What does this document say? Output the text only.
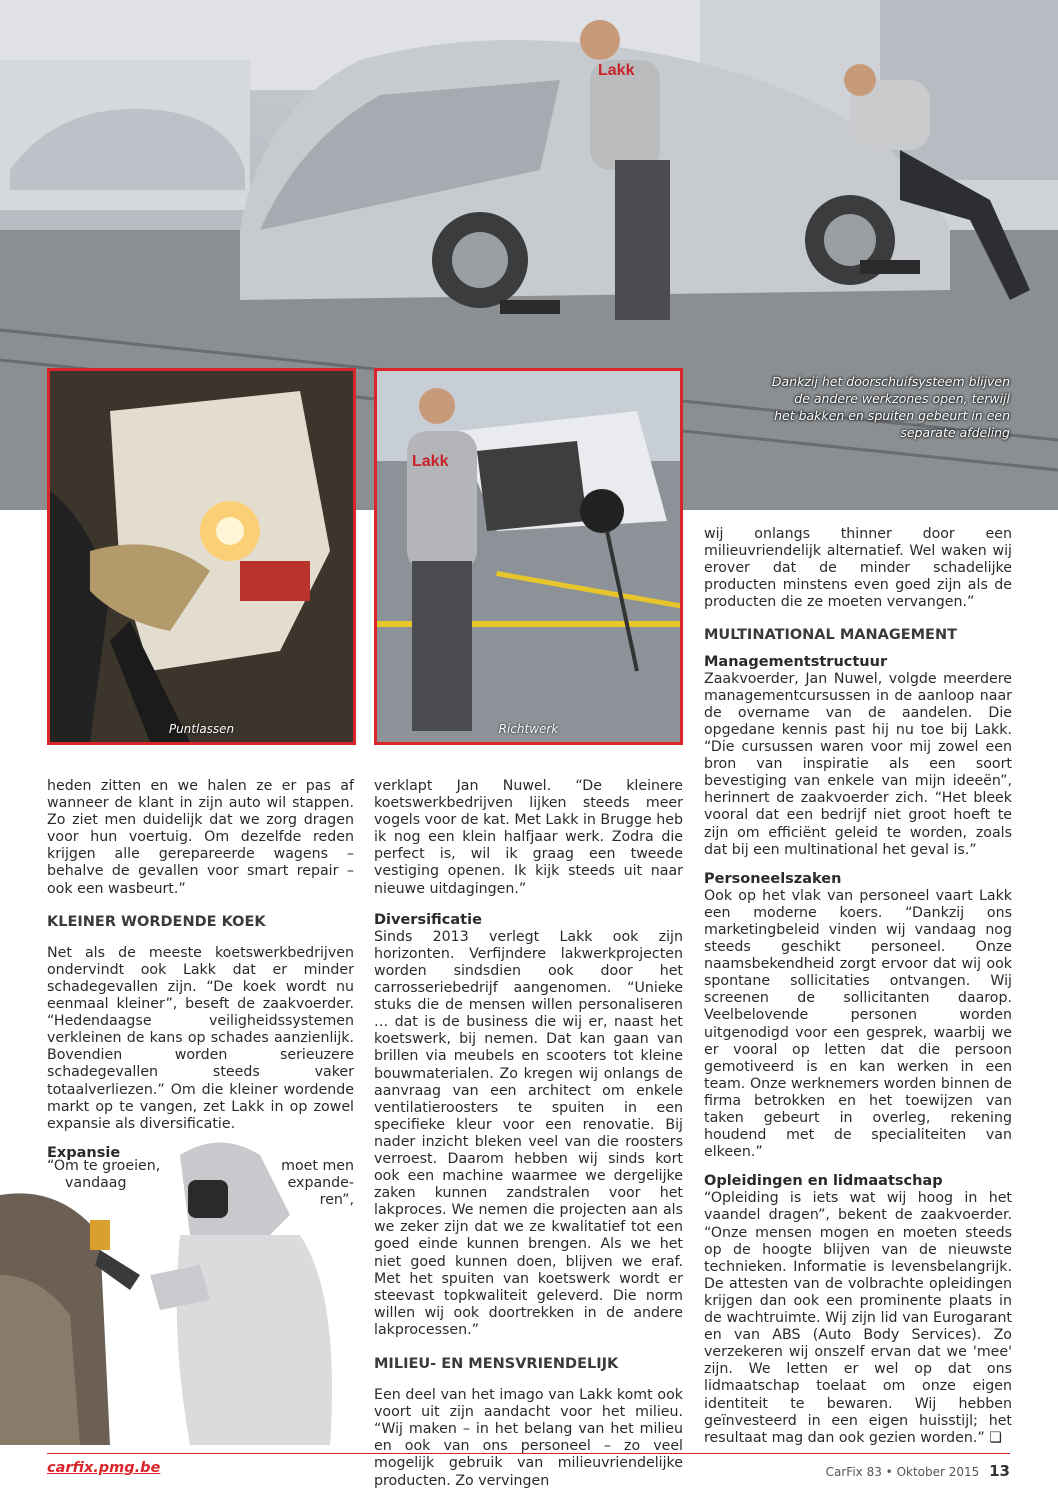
Lakk
Dankzij het doorschuifsysteem blijven de andere werkzones open, terwijl het bakken en spuiten gebeurt in een separate afdeling
Puntlassen
Lakk
Richtwerk

heden zitten en we halen ze er pas af wanneer de klant in zijn auto wil stappen. Zo ziet men duidelijk dat we zorg dragen voor hun voertuig. Om dezelfde reden krijgen alle gerepareerde wagens – behalve de gevallen voor smart repair – ook een wasbeurt.”

KLEINER WORDENDE KOEK

Net als de meeste koetswerkbedrijven ondervindt ook Lakk dat er minder schadegevallen zijn. “De koek wordt nu eenmaal kleiner”, beseft de zaakvoerder. “Hedendaagse veiligheidssystemen verkleinen de kans op schades aanzienlijk. Bovendien worden serieuzere schadegevallen steeds vaker totaalverliezen.” Om die kleiner wordende markt op te vangen, zet Lakk in op zowel expansie als diversificatie.

Expansie

“Om te groeien,	moet men

vandaag	expande-

ren”,

verklapt Jan Nuwel. “De kleinere koetswerkbedrijven lijken steeds meer vogels voor de kat. Met Lakk in Brugge heb ik nog een klein halfjaar werk. Zodra die perfect is, wil ik graag een tweede vestiging openen. Ik kijk steeds uit naar nieuwe uitdagingen.”

Diversificatie

Sinds 2013 verlegt Lakk ook zijn horizonten. Verfijndere lakwerkprojecten worden sindsdien ook door het carrosseriebedrijf aangenomen. “Unieke stuks die de mensen willen personaliseren … dat is de business die wij er, naast het koetswerk, bij nemen. Dat kan gaan van brillen via meubels en scooters tot kleine bouwmaterialen. Zo kregen wij onlangs de aanvraag van een architect om enkele ventilatieroosters te spuiten in een specifieke kleur voor een renovatie. Bij nader inzicht bleken veel van die roosters verroest. Daarom hebben wij sinds kort ook een machine waarmee we dergelijke zaken kunnen zandstralen voor het lakproces. We nemen die projecten aan als we zeker zijn dat we ze kwalitatief tot een goed einde kunnen brengen. Als we het niet goed kunnen doen, blijven we eraf. Met het spuiten van koetswerk wordt er steevast topkwaliteit geleverd. Die norm willen wij ook doortrekken in de andere lakprocessen.”

MILIEU- EN MENSVRIENDELIJK

Een deel van het imago van Lakk komt ook voort uit zijn aandacht voor het milieu. “Wij maken – in het belang van het milieu en ook van ons personeel – zo veel mogelijk gebruik van milieuvriendelijke producten. Zo vervingen

wij onlangs thinner door een milieuvriendelijk alternatief. Wel waken wij erover dat de minder schadelijke producten minstens even goed zijn als de producten die ze moeten vervangen.”

MULTINATIONAL MANAGEMENT

Managementstructuur

Zaakvoerder, Jan Nuwel, volgde meerdere managementcursussen in de aanloop naar de overname van de aandelen. Die opgedane kennis past hij nu toe bij Lakk. “Die cursussen waren voor mij zowel een bron van inspiratie als een soort bevestiging van enkele van mijn ideeën”, herinnert de zaakvoerder zich. “Het bleek vooral dat een bedrijf niet groot hoeft te zijn om efficiënt geleid te worden, zoals dat bij een multinational het geval is.”

Personeelszaken

Ook op het vlak van personeel vaart Lakk een moderne koers. “Dankzij ons marketingbeleid vinden wij vandaag nog steeds geschikt personeel. Onze naamsbekendheid zorgt ervoor dat wij ook spontane sollicitaties ontvangen. Wij screenen de sollicitanten daarop. Veelbelovende personen worden uitgenodigd voor een gesprek, waarbij we er vooral op letten dat die persoon gemotiveerd is en kan werken in een team. Onze werknemers worden binnen de firma betrokken en het toewijzen van taken gebeurt in overleg, rekening houdend met de specialiteiten van elkeen.”

Opleidingen en lidmaatschap

“Opleiding is iets wat wij hoog in het vaandel dragen”, bekent de zaakvoerder. “Onze mensen mogen en moeten steeds op de hoogte blijven van de nieuwste technieken. Informatie is levensbelangrijk. De attesten van de volbrachte opleidingen krijgen dan ook een prominente plaats in de wachtruimte. Wij zijn lid van Eurogarant en van ABS (Auto Body Services). Zo verzekeren wij onszelf ervan dat we 'mee' zijn. We letten er wel op dat ons lidmaatschap toelaat om onze eigen identiteit te bewaren. Wij hebben geïnvesteerd in een eigen huisstijl; het resultaat mag dan ook gezien worden.” ❏

carfix.pmg.be	CarFix 83 • Oktober 2015 13
